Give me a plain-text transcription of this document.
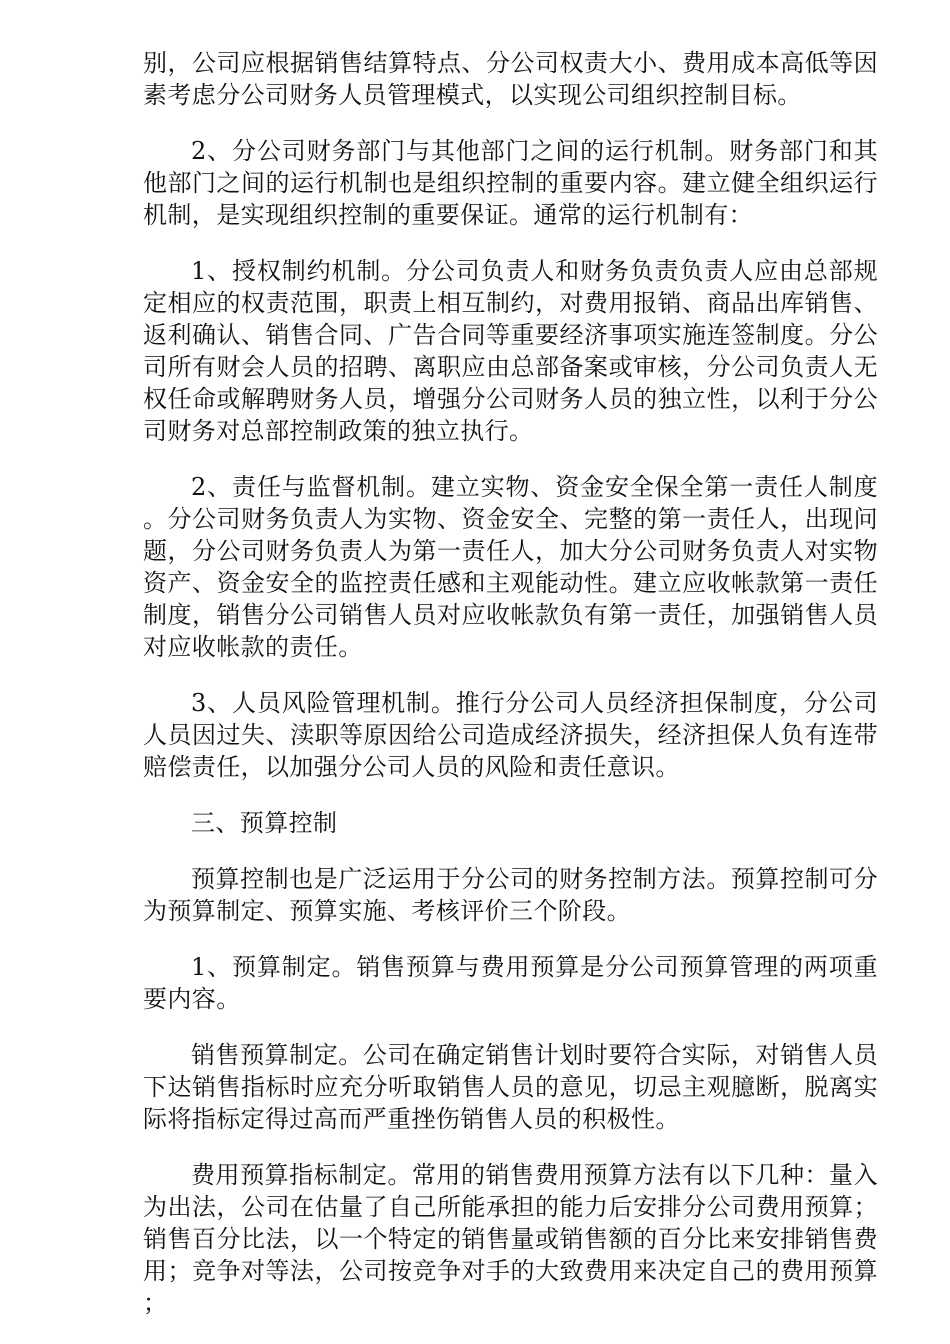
别，公司应根据销售结算特点、分公司权责大小、费用成本高低等因素考虑分公司财务人员管理模式，以实现公司组织控制目标。

2、分公司财务部门与其他部门之间的运行机制。财务部门和其他部门之间的运行机制也是组织控制的重要内容。建立健全组织运行机制，是实现组织控制的重要保证。通常的运行机制有：

1、授权制约机制。分公司负责人和财务负责负责人应由总部规定相应的权责范围，职责上相互制约，对费用报销、商品出库销售、返利确认、销售合同、广告合同等重要经济事项实施连签制度。分公司所有财会人员的招聘、离职应由总部备案或审核，分公司负责人无权任命或解聘财务人员，增强分公司财务人员的独立性，以利于分公司财务对总部控制政策的独立执行。

2、责任与监督机制。建立实物、资金安全保全第一责任人制度。分公司财务负责人为实物、资金安全、完整的第一责任人，出现问题，分公司财务负责人为第一责任人，加大分公司财务负责人对实物资产、资金安全的监控责任感和主观能动性。建立应收帐款第一责任制度，销售分公司销售人员对应收帐款负有第一责任，加强销售人员对应收帐款的责任。

3、人员风险管理机制。推行分公司人员经济担保制度，分公司人员因过失、渎职等原因给公司造成经济损失，经济担保人负有连带赔偿责任，以加强分公司人员的风险和责任意识。

三、预算控制

预算控制也是广泛运用于分公司的财务控制方法。预算控制可分为预算制定、预算实施、考核评价三个阶段。

1、预算制定。销售预算与费用预算是分公司预算管理的两项重要内容。

销售预算制定。公司在确定销售计划时要符合实际，对销售人员下达销售指标时应充分听取销售人员的意见，切忌主观臆断，脱离实际将指标定得过高而严重挫伤销售人员的积极性。

费用预算指标制定。常用的销售费用预算方法有以下几种：量入为出法，公司在估量了自己所能承担的能力后安排分公司费用预算；销售百分比法，以一个特定的销售量或销售额的百分比来安排销售费用；竞争对等法，公司按竞争对手的大致费用来决定自己的费用预算；
